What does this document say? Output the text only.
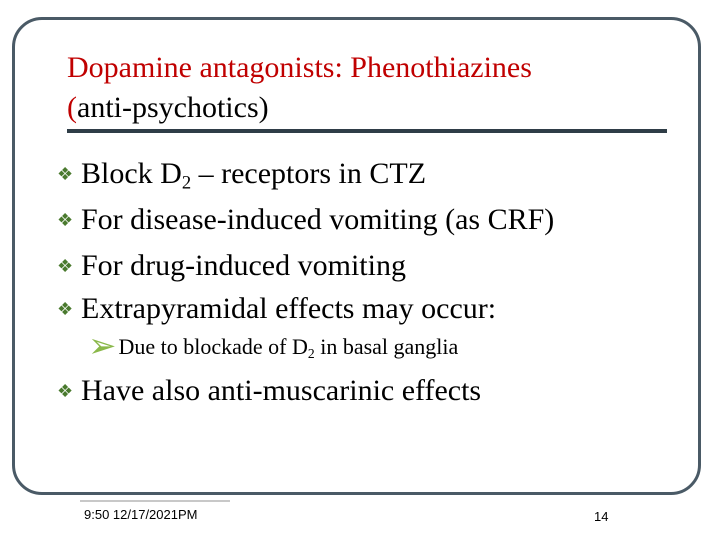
Dopamine antagonists: Phenothiazines
(anti-psychotics)
❖ Block $D_2$ – receptors in CTZ
❖ For disease-induced vomiting (as CRF)
❖ For drug-induced vomiting
❖ Extrapyramidal effects may occur:
➢Due to blockade of $D_2$ in basal ganglia
❖ Have also anti-muscarinic effects
9:50 12/17/2021PM	14
